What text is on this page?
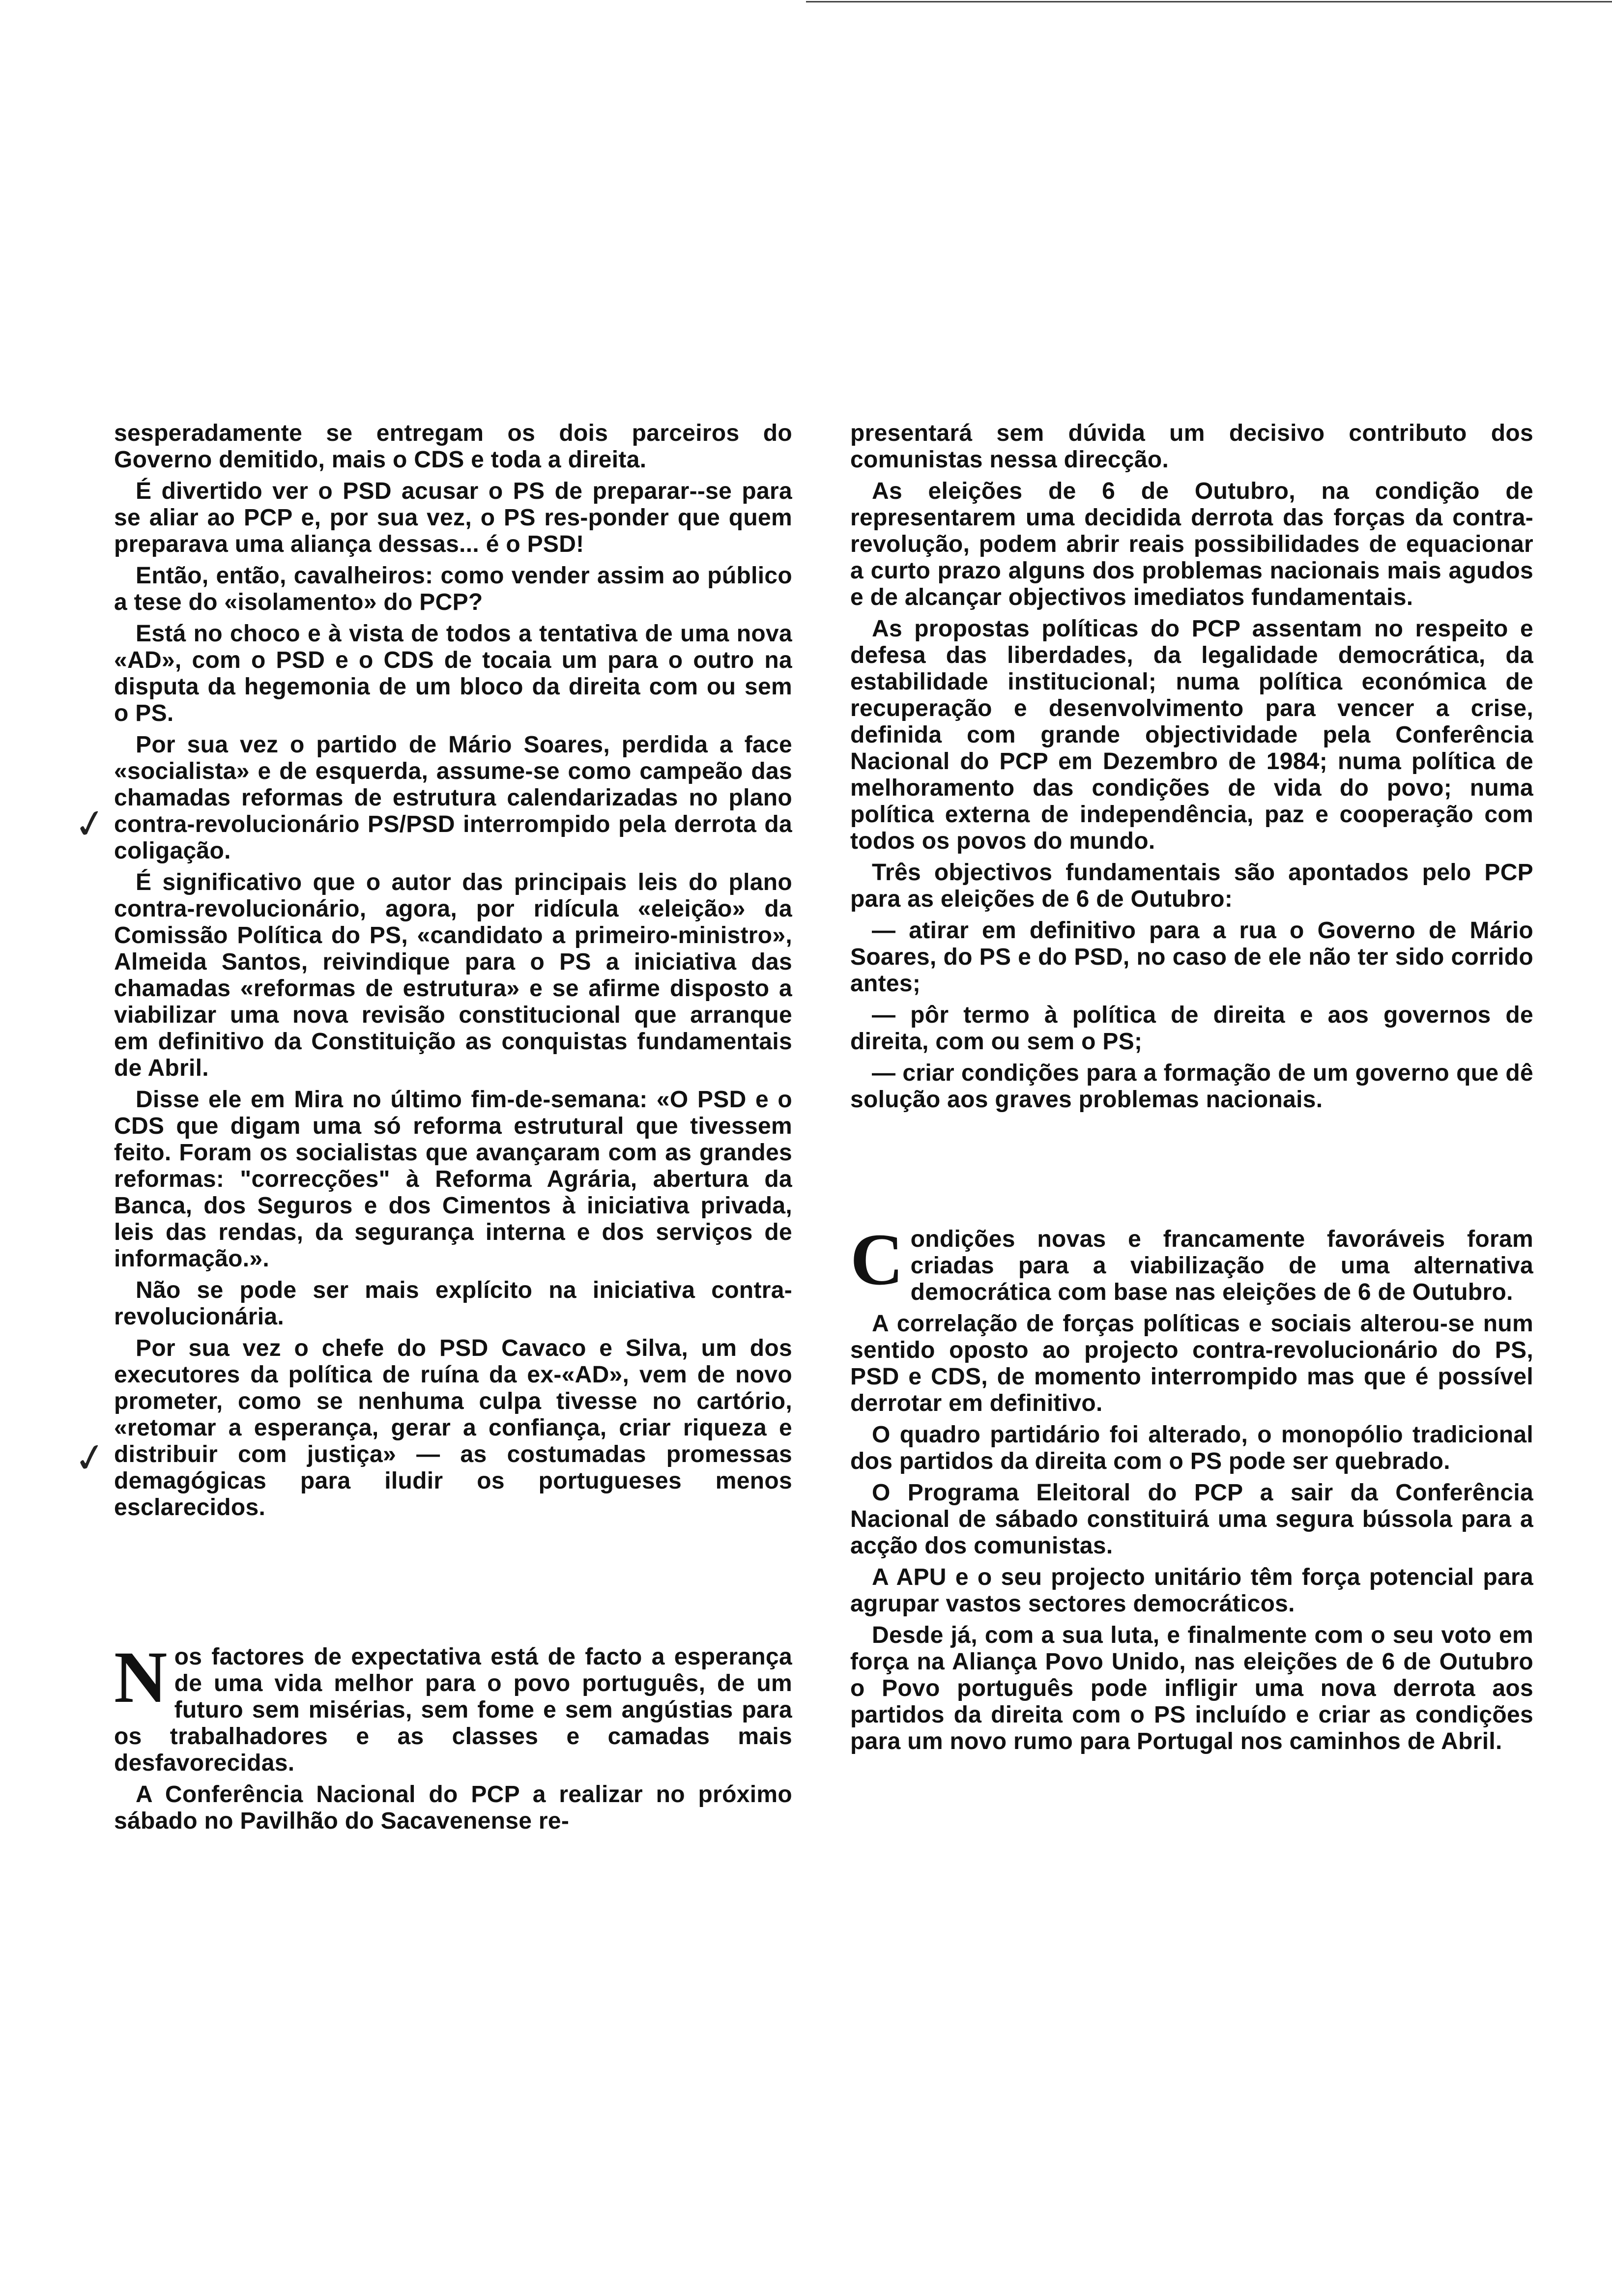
✓
✓

sesperadamente se entregam os dois parceiros do Governo demitido, mais o CDS e toda a direita.

É divertido ver o PSD acusar o PS de preparar--se para se aliar ao PCP e, por sua vez, o PS res-ponder que quem preparava uma aliança dessas... é o PSD!

Então, então, cavalheiros: como vender assim ao público a tese do «isolamento» do PCP?

Está no choco e à vista de todos a tentativa de uma nova «AD», com o PSD e o CDS de tocaia um para o outro na disputa da hegemonia de um bloco da direita com ou sem o PS.

Por sua vez o partido de Mário Soares, perdida a face «socialista» e de esquerda, assume-se como campeão das chamadas reformas de estrutura calendarizadas no plano contra-revolucionário PS/PSD interrompido pela derrota da coligação.

É significativo que o autor das principais leis do plano contra-revolucionário, agora, por ridícula «eleição» da Comissão Política do PS, «candidato a primeiro-ministro», Almeida Santos, reivindique para o PS a iniciativa das chamadas «reformas de estrutura» e se afirme disposto a viabilizar uma nova revisão constitucional que arranque em definitivo da Constituição as conquistas fundamentais de Abril.

Disse ele em Mira no último fim-de-semana: «O PSD e o CDS que digam uma só reforma estrutural que tivessem feito. Foram os socialistas que avançaram com as grandes reformas: "correcções" à Reforma Agrária, abertura da Banca, dos Seguros e dos Cimentos à iniciativa privada, leis das rendas, da segurança interna e dos serviços de informação.».

Não se pode ser mais explícito na iniciativa contra-revolucionária.

Por sua vez o chefe do PSD Cavaco e Silva, um dos executores da política de ruína da ex-«AD», vem de novo prometer, como se nenhuma culpa tivesse no cartório, «retomar a esperança, gerar a confiança, criar riqueza e distribuir com justiça» — as costumadas promessas demagógicas para iludir os portugueses menos esclarecidos.

N os factores de expectativa está de facto a esperança de uma vida melhor para o povo português, de um futuro sem misérias, sem fome e sem angústias para os trabalhadores e as classes e camadas mais desfavorecidas.

A Conferência Nacional do PCP a realizar no próximo sábado no Pavilhão do Sacavenense re-

presentará sem dúvida um decisivo contributo dos comunistas nessa direcção.

As eleições de 6 de Outubro, na condição de representarem uma decidida derrota das forças da contra-revolução, podem abrir reais possibilidades de equacionar a curto prazo alguns dos problemas nacionais mais agudos e de alcançar objectivos imediatos fundamentais.

As propostas políticas do PCP assentam no respeito e defesa das liberdades, da legalidade democrática, da estabilidade institucional; numa política económica de recuperação e desenvolvimento para vencer a crise, definida com grande objectividade pela Conferência Nacional do PCP em Dezembro de 1984; numa política de melhoramento das condições de vida do povo; numa política externa de independência, paz e cooperação com todos os povos do mundo.

Três objectivos fundamentais são apontados pelo PCP para as eleições de 6 de Outubro:

— atirar em definitivo para a rua o Governo de Mário Soares, do PS e do PSD, no caso de ele não ter sido corrido antes;

— pôr termo à política de direita e aos governos de direita, com ou sem o PS;

— criar condições para a formação de um governo que dê solução aos graves problemas nacionais.

C ondições novas e francamente favoráveis foram criadas para a viabilização de uma alternativa democrática com base nas eleições de 6 de Outubro.

A correlação de forças políticas e sociais alterou-se num sentido oposto ao projecto contra-revolucionário do PS, PSD e CDS, de momento interrompido mas que é possível derrotar em definitivo.

O quadro partidário foi alterado, o monopólio tradicional dos partidos da direita com o PS pode ser quebrado.

O Programa Eleitoral do PCP a sair da Conferência Nacional de sábado constituirá uma segura bússola para a acção dos comunistas.

A APU e o seu projecto unitário têm força potencial para agrupar vastos sectores democráticos.

Desde já, com a sua luta, e finalmente com o seu voto em força na Aliança Povo Unido, nas eleições de 6 de Outubro o Povo português pode infligir uma nova derrota aos partidos da direita com o PS incluído e criar as condições para um novo rumo para Portugal nos caminhos de Abril.
